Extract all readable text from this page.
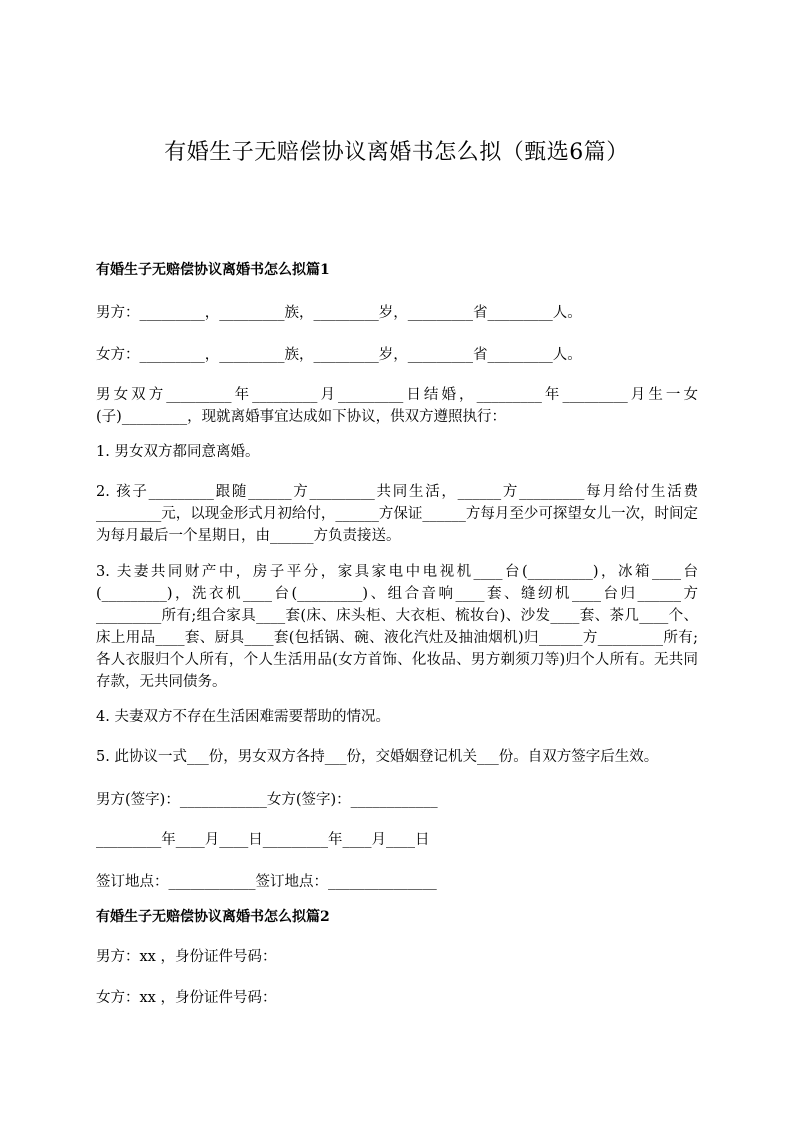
有婚生子无赔偿协议离婚书怎么拟（甄选6篇）
有婚生子无赔偿协议离婚书怎么拟篇1
男方：_________，_________族，_________岁，_________省_________人。
女方：_________，_________族，_________岁，_________省_________人。
男女双方_________年_________月_________日结婚，_________年_________月生一女(子)_________，现就离婚事宜达成如下协议，供双方遵照执行：
1. 男女双方都同意离婚。
2. 孩子_________跟随______方_________共同生活，______方_________每月给付生活费_________元，以现金形式月初给付，______方保证______方每月至少可探望女儿一次，时间定为每月最后一个星期日，由______方负责接送。
3. 夫妻共同财产中，房子平分，家具家电中电视机____台(_________)，冰箱____台(_________)，洗衣机____台(_________)、组合音响____套、缝纫机____台归______方_________所有;组合家具____套(床、床头柜、大衣柜、梳妆台)、沙发____套、茶几____个、床上用品____套、厨具____套(包括锅、碗、液化汽灶及抽油烟机)归______方_________所有;各人衣服归个人所有，个人生活用品(女方首饰、化妆品、男方剃须刀等)归个人所有。无共同存款，无共同债务。
4. 夫妻双方不存在生活困难需要帮助的情况。
5. 此协议一式___份，男女双方各持___份，交婚姻登记机关___份。自双方签字后生效。
男方(签字)：____________女方(签字)：____________
_________年____月____日_________年____月____日
签订地点：____________签订地点：_______________
有婚生子无赔偿协议离婚书怎么拟篇2
男方：xx ，身份证件号码：
女方：xx ，身份证件号码：
